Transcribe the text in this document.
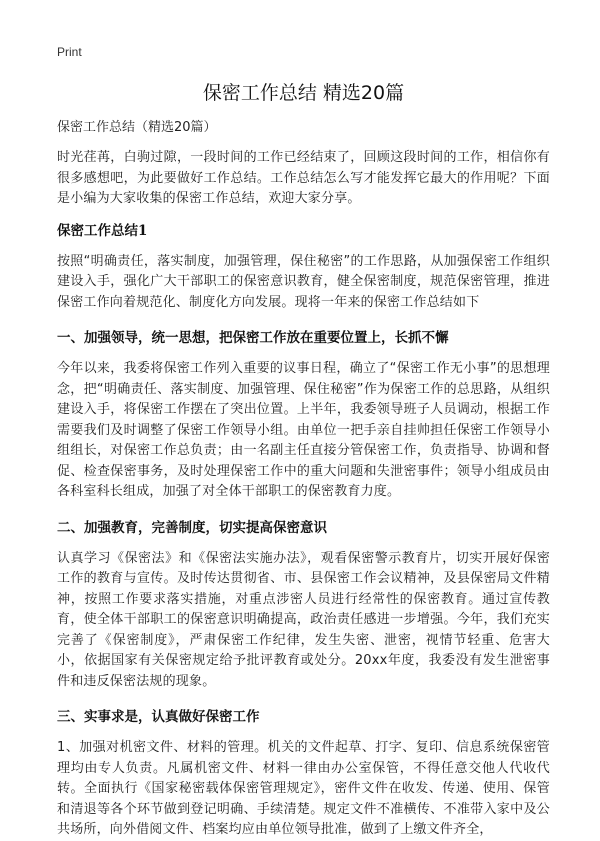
Print
保密工作总结 精选20篇
保密工作总结（精选20篇）

时光荏苒，白驹过隙，一段时间的工作已经结束了，回顾这段时间的工作，相信你有很多感想吧，为此要做好工作总结。工作总结怎么写才能发挥它最大的作用呢？下面是小编为大家收集的保密工作总结，欢迎大家分享。

保密工作总结1

按照“明确责任，落实制度，加强管理，保住秘密”的工作思路，从加强保密工作组织建设入手，强化广大干部职工的保密意识教育，健全保密制度，规范保密管理，推进保密工作向着规范化、制度化方向发展。现将一年来的保密工作总结如下

一、加强领导，统一思想，把保密工作放在重要位置上，长抓不懈

今年以来，我委将保密工作列入重要的议事日程，确立了“保密工作无小事”的思想理念，把“明确责任、落实制度、加强管理、保住秘密”作为保密工作的总思路，从组织建设入手，将保密工作摆在了突出位置。上半年，我委领导班子人员调动，根据工作需要我们及时调整了保密工作领导小组。由单位一把手亲自挂帅担任保密工作领导小组组长，对保密工作总负责；由一名副主任直接分管保密工作，负责指导、协调和督促、检查保密事务，及时处理保密工作中的重大问题和失泄密事件；领导小组成员由各科室科长组成，加强了对全体干部职工的保密教育力度。

二、加强教育，完善制度，切实提高保密意识

认真学习《保密法》和《保密法实施办法》，观看保密警示教育片，切实开展好保密工作的教育与宣传。及时传达贯彻省、市、县保密工作会议精神，及县保密局文件精神，按照工作要求落实措施，对重点涉密人员进行经常性的保密教育。通过宣传教育，使全体干部职工的保密意识明确提高，政治责任感进一步增强。今年，我们充实完善了《保密制度》，严肃保密工作纪律，发生失密、泄密，视情节轻重、危害大小，依据国家有关保密规定给予批评教育或处分。20xx年度，我委没有发生泄密事件和违反保密法规的现象。

三、实事求是，认真做好保密工作

1、加强对机密文件、材料的管理。机关的文件起草、打字、复印、信息系统保密管理均由专人负责。凡属机密文件、材料一律由办公室保管，不得任意交他人代收代转。全面执行《国家秘密载体保密管理规定》，密件文件在收发、传递、使用、保管和清退等各个环节做到登记明确、手续清楚。规定文件不准横传、不准带入家中及公共场所，向外借阅文件、档案均应由单位领导批准，做到了上缴文件齐全，
